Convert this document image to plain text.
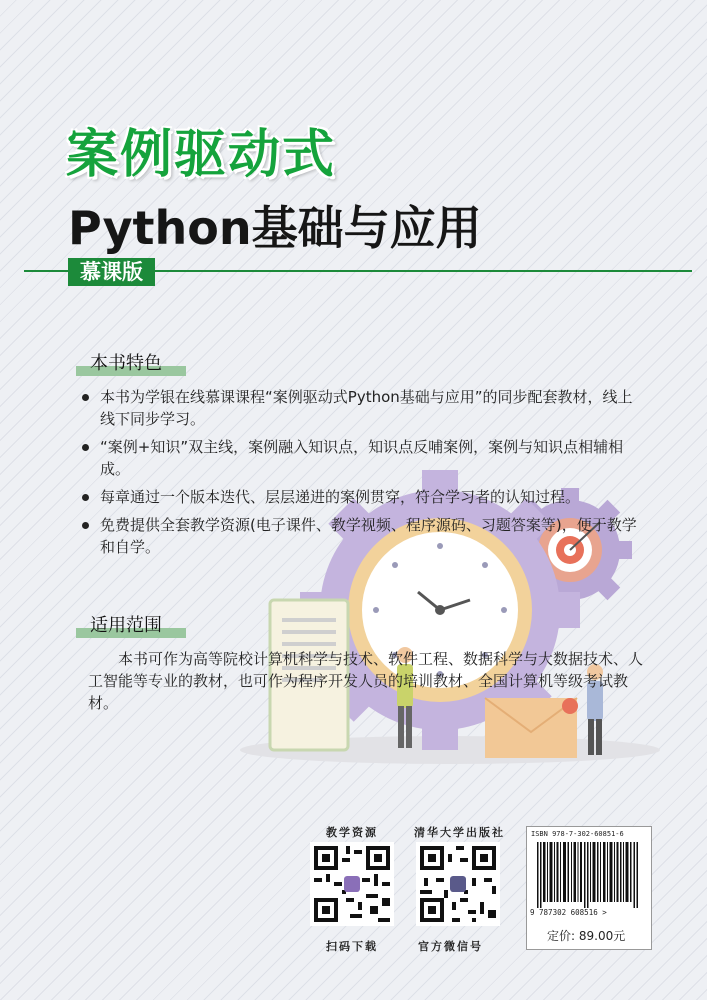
案例驱动式
Python基础与应用
慕课版
本书特色
本书为学银在线慕课课程“案例驱动式Python基础与应用”的同步配套教材，线上线下同步学习。
“案例+知识”双主线，案例融入知识点，知识点反哺案例，案例与知识点相辅相成。
每章通过一个版本迭代、层层递进的案例贯穿，符合学习者的认知过程。
免费提供全套教学资源(电子课件、教学视频、程序源码、习题答案等)，便于教学和自学。
适用范围
本书可作为高等院校计算机科学与技术、软件工程、数据科学与大数据技术、人工智能等专业的教材，也可作为程序开发人员的培训教材、全国计算机等级考试教材。
教学资源
扫码下载
清华大学出版社
官方微信号
ISBN 978-7-302-60851-6
9 787302 608516 >
定价: 89.00元
